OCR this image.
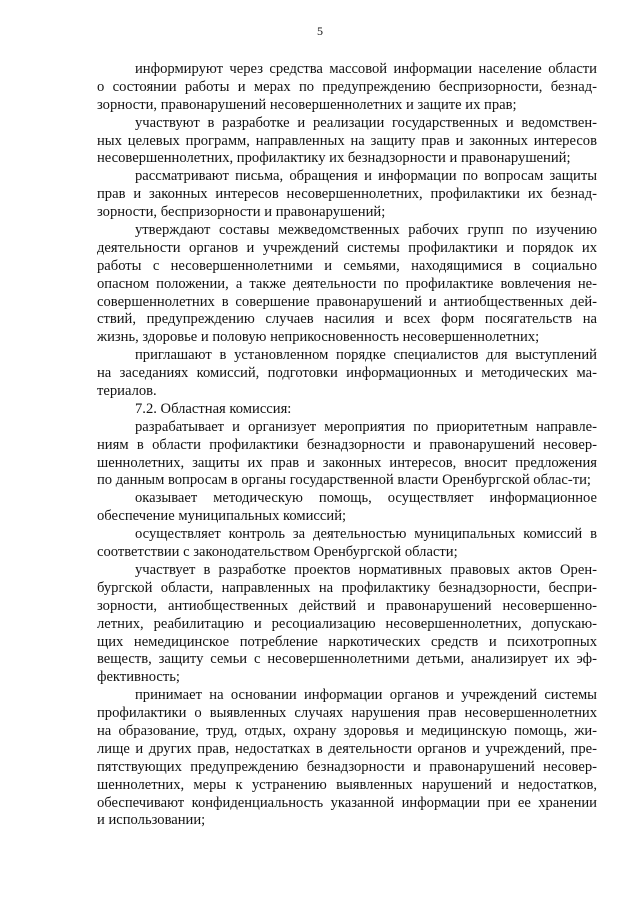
5
информируют через средства массовой информации население области
о состоянии работы и мерах по предупреждению беспризорности, безнад-
зорности, правонарушений несовершеннолетних и защите их прав;
участвуют в разработке и реализации государственных и ведомствен-
ных целевых программ, направленных на защиту прав и законных интересов
несовершеннолетних, профилактику их безнадзорности и правонарушений;
рассматривают письма, обращения и информации по вопросам защиты
прав и законных интересов несовершеннолетних, профилактики их безнад-
зорности, беспризорности и правонарушений;
утверждают составы межведомственных рабочих групп по изучению
деятельности органов и учреждений системы профилактики и порядок их
работы с несовершеннолетними и семьями, находящимися в социально
опасном положении, а также деятельности по профилактике вовлечения не-
совершеннолетних в совершение правонарушений и антиобщественных дей-
ствий, предупреждению случаев насилия и всех форм посягательств на
жизнь, здоровье и половую неприкосновенность несовершеннолетних;
приглашают в установленном порядке специалистов для выступлений
на заседаниях комиссий, подготовки информационных и методических ма-
териалов.
7.2. Областная комиссия:
разрабатывает и организует мероприятия по приоритетным направле-
ниям в области профилактики безнадзорности и правонарушений несовер-
шеннолетних, защиты их прав и законных интересов, вносит предложения
по данным вопросам в органы государственной власти Оренбургской облас-ти;
оказывает методическую помощь, осуществляет информационное
обеспечение муниципальных комиссий;
осуществляет контроль за деятельностью муниципальных комиссий в
соответствии с законодательством Оренбургской области;
участвует в разработке проектов нормативных правовых актов Орен-
бургской области, направленных на профилактику безнадзорности, беспри-
зорности, антиобщественных действий и правонарушений несовершенно-
летних, реабилитацию и ресоциализацию несовершеннолетних, допускаю-
щих немедицинское потребление наркотических средств и психотропных
веществ, защиту семьи с несовершеннолетними детьми, анализирует их эф-
фективность;
принимает на основании информации органов и учреждений системы
профилактики о выявленных случаях нарушения прав несовершеннолетних
на образование, труд, отдых, охрану здоровья и медицинскую помощь, жи-
лище и других прав, недостатках в деятельности органов и учреждений, пре-
пятствующих предупреждению безнадзорности и правонарушений несовер-
шеннолетних, меры к устранению выявленных нарушений и недостатков,
обеспечивают конфиденциальность указанной информации при ее хранении
и использовании;
